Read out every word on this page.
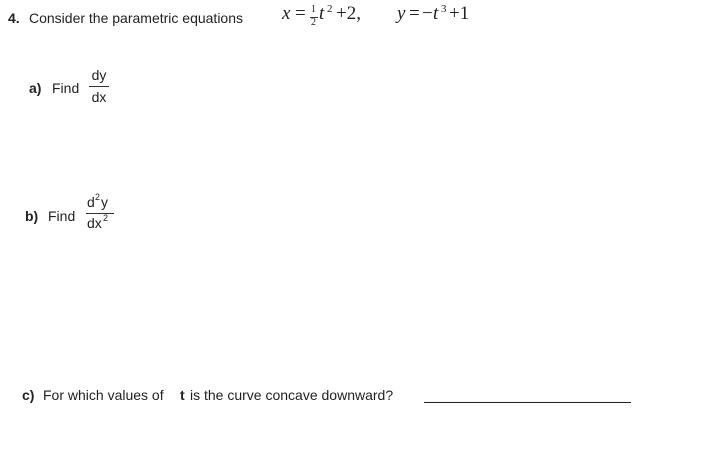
4. Consider the parametric equations x = 1
2 t 2 +2, y = − t 3 +1
a) Find
dy
dx
b) Find
d 2 y
dx 2
c) For which values of t is the curve concave downward?
